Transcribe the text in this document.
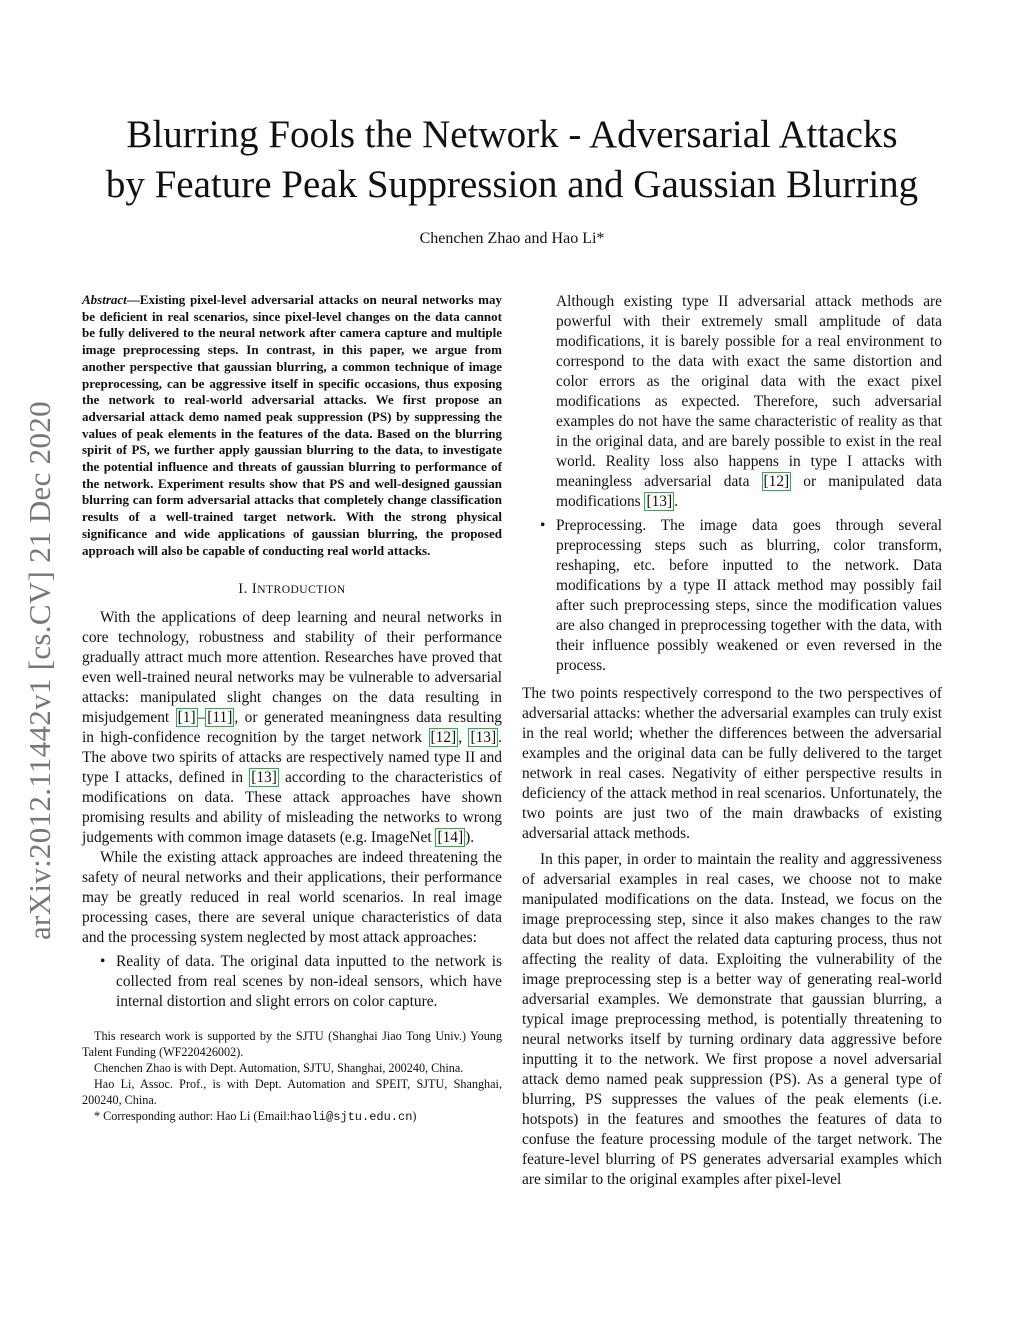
Blurring Fools the Network - Adversarial Attacks
by Feature Peak Suppression and Gaussian Blurring
Chenchen Zhao and Hao Li*
arXiv:2012.11442v1 [cs.CV] 21 Dec 2020

Abstract—Existing pixel-level adversarial attacks on neural networks may be deficient in real scenarios, since pixel-level changes on the data cannot be fully delivered to the neural network after camera capture and multiple image preprocessing steps. In contrast, in this paper, we argue from another perspective that gaussian blurring, a common technique of image preprocessing, can be aggressive itself in specific occasions, thus exposing the network to real-world adversarial attacks. We first propose an adversarial attack demo named peak suppression (PS) by suppressing the values of peak elements in the features of the data. Based on the blurring spirit of PS, we further apply gaussian blurring to the data, to investigate the potential influence and threats of gaussian blurring to performance of the network. Experiment results show that PS and well-designed gaussian blurring can form adversarial attacks that completely change classification results of a well-trained target network. With the strong physical significance and wide applications of gaussian blurring, the proposed approach will also be capable of conducting real world attacks.

I. INTRODUCTION

With the applications of deep learning and neural networks in core technology, robustness and stability of their performance gradually attract much more attention. Researches have proved that even well-trained neural networks may be vulnerable to adversarial attacks: manipulated slight changes on the data resulting in misjudgement [1] – [11] , or generated meaningness data resulting in high-confidence recognition by the target network [12] , [13] . The above two spirits of attacks are respectively named type II and type I attacks, defined in [13] according to the characteristics of modifications on data. These attack approaches have shown promising results and ability of misleading the networks to wrong judgements with common image datasets (e.g. ImageNet [14] ).

While the existing attack approaches are indeed threatening the safety of neural networks and their applications, their performance may be greatly reduced in real world scenarios. In real image processing cases, there are several unique characteristics of data and the processing system neglected by most attack approaches:

• Reality of data. The original data inputted to the network is collected from real scenes by non-ideal sensors, which have internal distortion and slight errors on color capture.

This research work is supported by the SJTU (Shanghai Jiao Tong Univ.) Young Talent Funding (WF220426002).

Chenchen Zhao is with Dept. Automation, SJTU, Shanghai, 200240, China.

Hao Li, Assoc. Prof., is with Dept. Automation and SPEIT, SJTU, Shanghai, 200240, China.

* Corresponding author: Hao Li (Email:haoli@sjtu.edu.cn)

Although existing type II adversarial attack methods are powerful with their extremely small amplitude of data modifications, it is barely possible for a real environment to correspond to the data with exact the same distortion and color errors as the original data with the exact pixel modifications as expected. Therefore, such adversarial examples do not have the same characteristic of reality as that in the original data, and are barely possible to exist in the real world. Reality loss also happens in type I attacks with meaningless adversarial data [12] or manipulated data modifications [13] .
• Preprocessing. The image data goes through several preprocessing steps such as blurring, color transform, reshaping, etc. before inputted to the network. Data modifications by a type II attack method may possibly fail after such preprocessing steps, since the modification values are also changed in preprocessing together with the data, with their influence possibly weakened or even reversed in the process.

The two points respectively correspond to the two perspectives of adversarial attacks: whether the adversarial examples can truly exist in the real world; whether the differences between the adversarial examples and the original data can be fully delivered to the target network in real cases. Negativity of either perspective results in deficiency of the attack method in real scenarios. Unfortunately, the two points are just two of the main drawbacks of existing adversarial attack methods.

In this paper, in order to maintain the reality and aggressiveness of adversarial examples in real cases, we choose not to make manipulated modifications on the data. Instead, we focus on the image preprocessing step, since it also makes changes to the raw data but does not affect the related data capturing process, thus not affecting the reality of data. Exploiting the vulnerability of the image preprocessing step is a better way of generating real-world adversarial examples. We demonstrate that gaussian blurring, a typical image preprocessing method, is potentially threatening to neural networks itself by turning ordinary data aggressive before inputting it to the network. We first propose a novel adversarial attack demo named peak suppression (PS). As a general type of blurring, PS suppresses the values of the peak elements (i.e. hotspots) in the features and smoothes the features of data to confuse the feature processing module of the target network. The feature-level blurring of PS generates adversarial examples which are similar to the original examples after pixel-level
